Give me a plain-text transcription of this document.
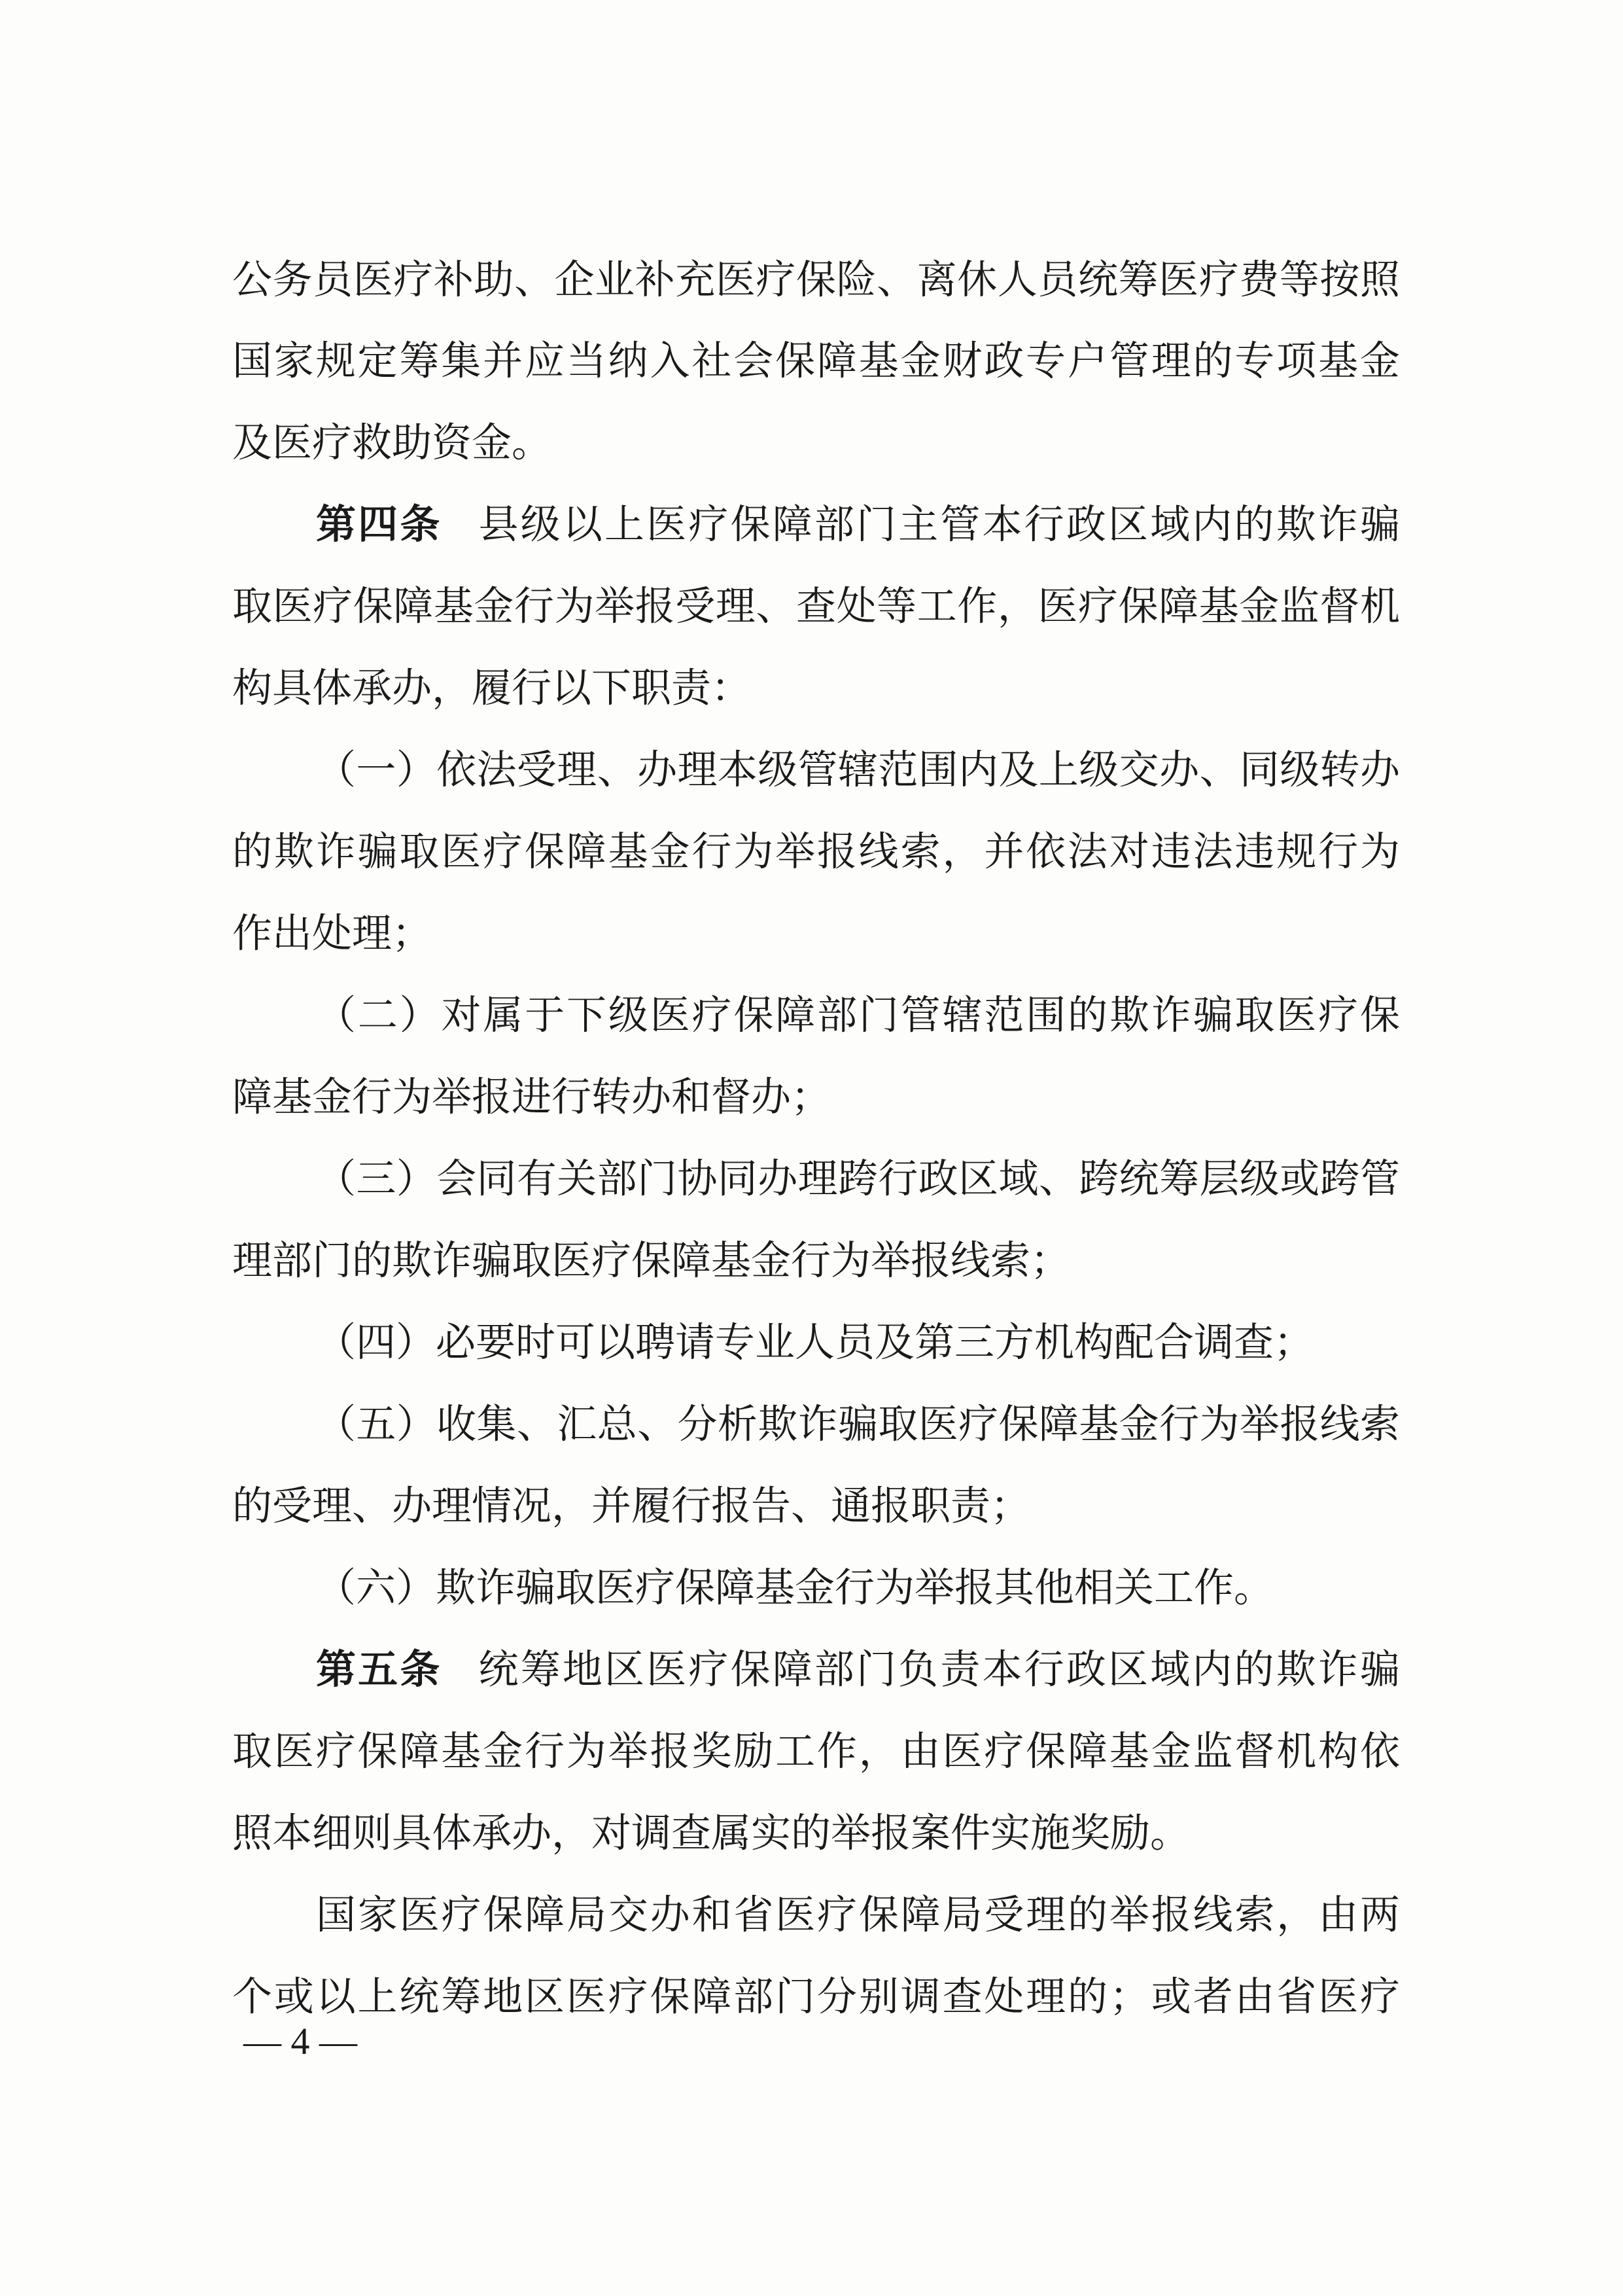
公务员医疗补助、企业补充医疗保险、离休人员统筹医疗费等按照
国家规定筹集并应当纳入社会保障基金财政专户管理的专项基金
及医疗救助资金。
第四条 县级以上医疗保障部门主管本行政区域内的欺诈骗
取医疗保障基金行为举报受理、查处等工作，医疗保障基金监督机
构具体承办，履行以下职责：
（一）依法受理、办理本级管辖范围内及上级交办、同级转办
的欺诈骗取医疗保障基金行为举报线索，并依法对违法违规行为
作出处理；
（二）对属于下级医疗保障部门管辖范围的欺诈骗取医疗保
障基金行为举报进行转办和督办；
（三）会同有关部门协同办理跨行政区域、跨统筹层级或跨管
理部门的欺诈骗取医疗保障基金行为举报线索；
（四）必要时可以聘请专业人员及第三方机构配合调查；
（五）收集、汇总、分析欺诈骗取医疗保障基金行为举报线索
的受理、办理情况，并履行报告、通报职责；
（六）欺诈骗取医疗保障基金行为举报其他相关工作。
第五条 统筹地区医疗保障部门负责本行政区域内的欺诈骗
取医疗保障基金行为举报奖励工作，由医疗保障基金监督机构依
照本细则具体承办，对调查属实的举报案件实施奖励。
国家医疗保障局交办和省医疗保障局受理的举报线索，由两
个或以上统筹地区医疗保障部门分别调查处理的；或者由省医疗
— 4 —
